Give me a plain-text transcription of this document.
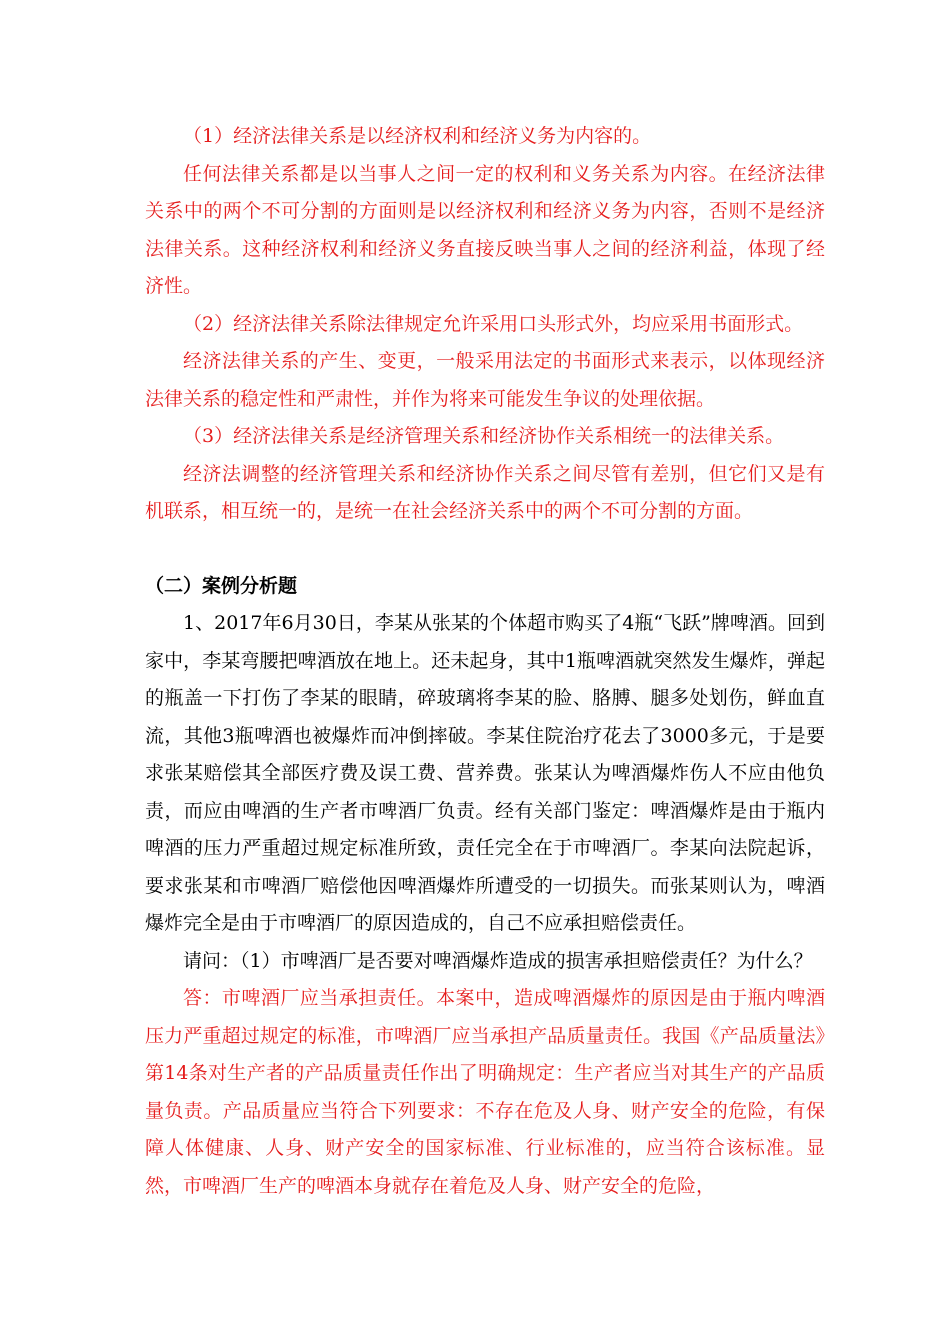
（1）经济法律关系是以经济权利和经济义务为内容的。

任何法律关系都是以当事人之间一定的权利和义务关系为内容。在经济法律关系中的两个不可分割的方面则是以经济权利和经济义务为内容，否则不是经济法律关系。这种经济权利和经济义务直接反映当事人之间的经济利益，体现了经济性。

（2）经济法律关系除法律规定允许采用口头形式外，均应采用书面形式。

经济法律关系的产生、变更，一般采用法定的书面形式来表示，以体现经济法律关系的稳定性和严肃性，并作为将来可能发生争议的处理依据。

（3）经济法律关系是经济管理关系和经济协作关系相统一的法律关系。

经济法调整的经济管理关系和经济协作关系之间尽管有差别，但它们又是有机联系，相互统一的，是统一在社会经济关系中的两个不可分割的方面。

（二）案例分析题

1、2017年6月30日，李某从张某的个体超市购买了4瓶“飞跃”牌啤酒。回到家中，李某弯腰把啤酒放在地上。还未起身，其中1瓶啤酒就突然发生爆炸，弹起的瓶盖一下打伤了李某的眼睛，碎玻璃将李某的脸、胳膊、腿多处划伤，鲜血直流，其他3瓶啤酒也被爆炸而冲倒摔破。李某住院治疗花去了3000多元，于是要求张某赔偿其全部医疗费及误工费、营养费。张某认为啤酒爆炸伤人不应由他负责，而应由啤酒的生产者市啤酒厂负责。经有关部门鉴定：啤酒爆炸是由于瓶内啤酒的压力严重超过规定标准所致，责任完全在于市啤酒厂。李某向法院起诉，要求张某和市啤酒厂赔偿他因啤酒爆炸所遭受的一切损失。而张某则认为，啤酒爆炸完全是由于市啤酒厂的原因造成的，自己不应承担赔偿责任。

请问：（1）市啤酒厂是否要对啤酒爆炸造成的损害承担赔偿责任？为什么？

答：市啤酒厂应当承担责任。本案中，造成啤酒爆炸的原因是由于瓶内啤酒压力严重超过规定的标准，市啤酒厂应当承担产品质量责任。我国《产品质量法》第14条对生产者的产品质量责任作出了明确规定：生产者应当对其生产的产品质量负责。产品质量应当符合下列要求：不存在危及人身、财产安全的危险，有保障人体健康、人身、财产安全的国家标准、行业标准的，应当符合该标准。显然，市啤酒厂生产的啤酒本身就存在着危及人身、财产安全的危险，
